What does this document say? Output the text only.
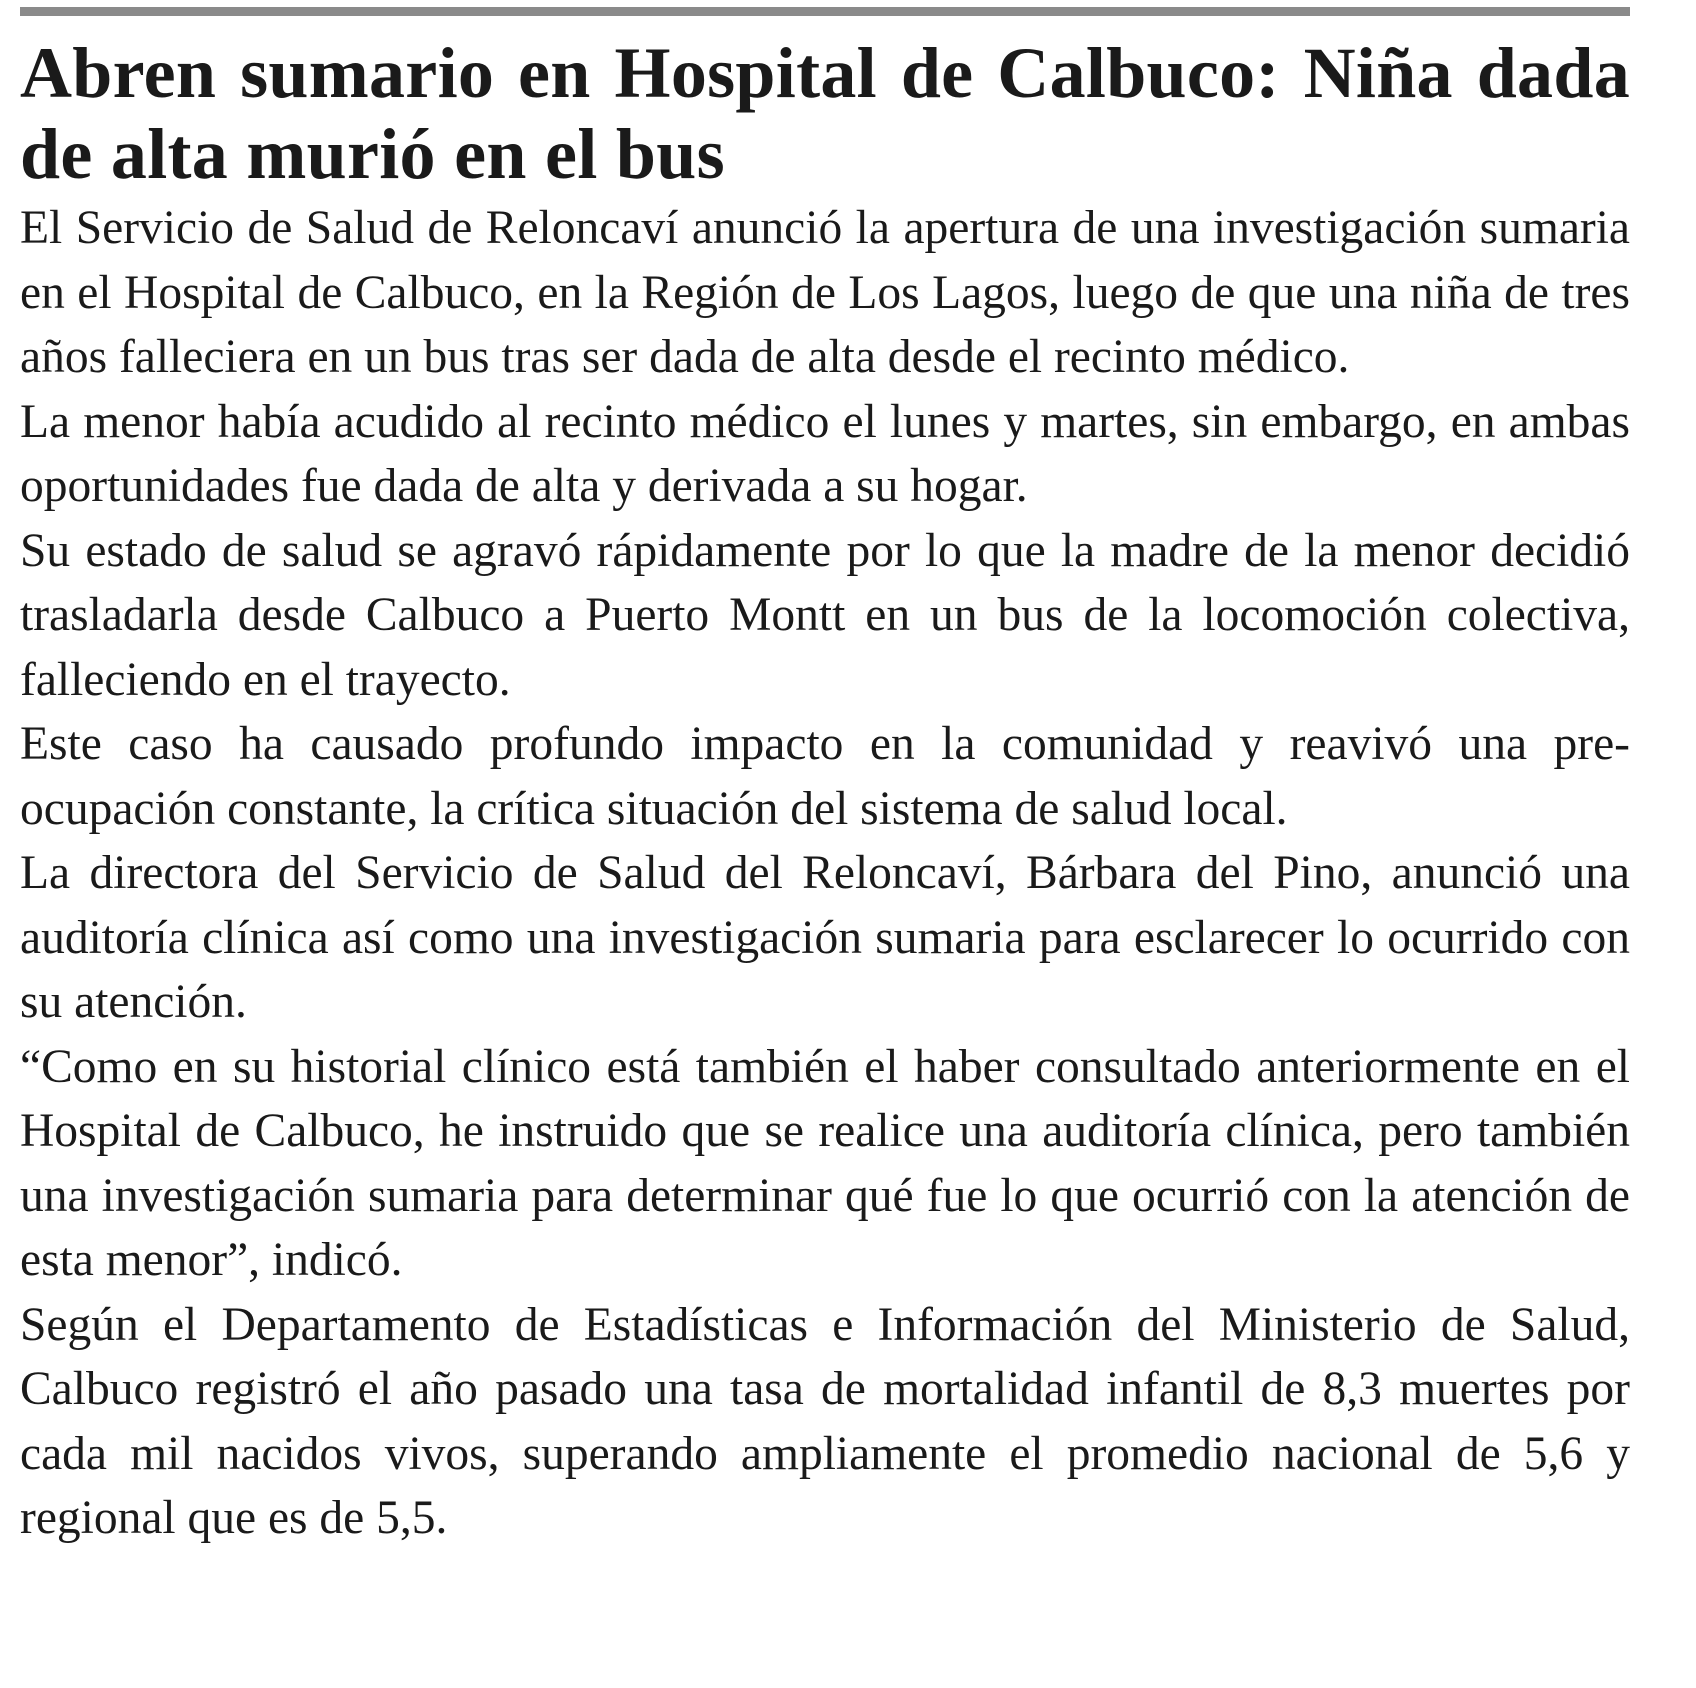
Abren sumario en Hospital de Calbuco: Niña dada de alta murió en el bus

El Servicio de Salud de Reloncaví anunció la apertura de una investigación sumaria en el Hospital de Calbuco, en la Región de Los Lagos, luego de que una niña de tres años falleciera en un bus tras ser dada de alta desde el recinto médico.

La menor había acudido al recinto médico el lunes y martes, sin embargo, en ambas oportunidades fue dada de alta y derivada a su hogar.

Su estado de salud se agravó rápidamente por lo que la madre de la menor decidió trasladarla desde Calbuco a Puerto Montt en un bus de la locomoción colectiva, falleciendo en el trayecto.

Este caso ha causado profundo impacto en la comunidad y reavivó una preocupación constante, la crítica situación del sistema de salud local.

La directora del Servicio de Salud del Reloncaví, Bárbara del Pino, anunció una auditoría clínica así como una investigación sumaria para esclarecer lo ocurrido con su atención.

“Como en su historial clínico está también el haber consultado anteriormente en el Hospital de Calbuco, he instruido que se realice una auditoría clínica, pero también una investigación sumaria para determinar qué fue lo que ocurrió con la atención de esta menor”, indicó.

Según el Departamento de Estadísticas e Información del Ministerio de Salud, Calbuco registró el año pasado una tasa de mortalidad infantil de 8,3 muertes por cada mil nacidos vivos, superando ampliamente el promedio nacional de 5,6 y regional que es de 5,5.
